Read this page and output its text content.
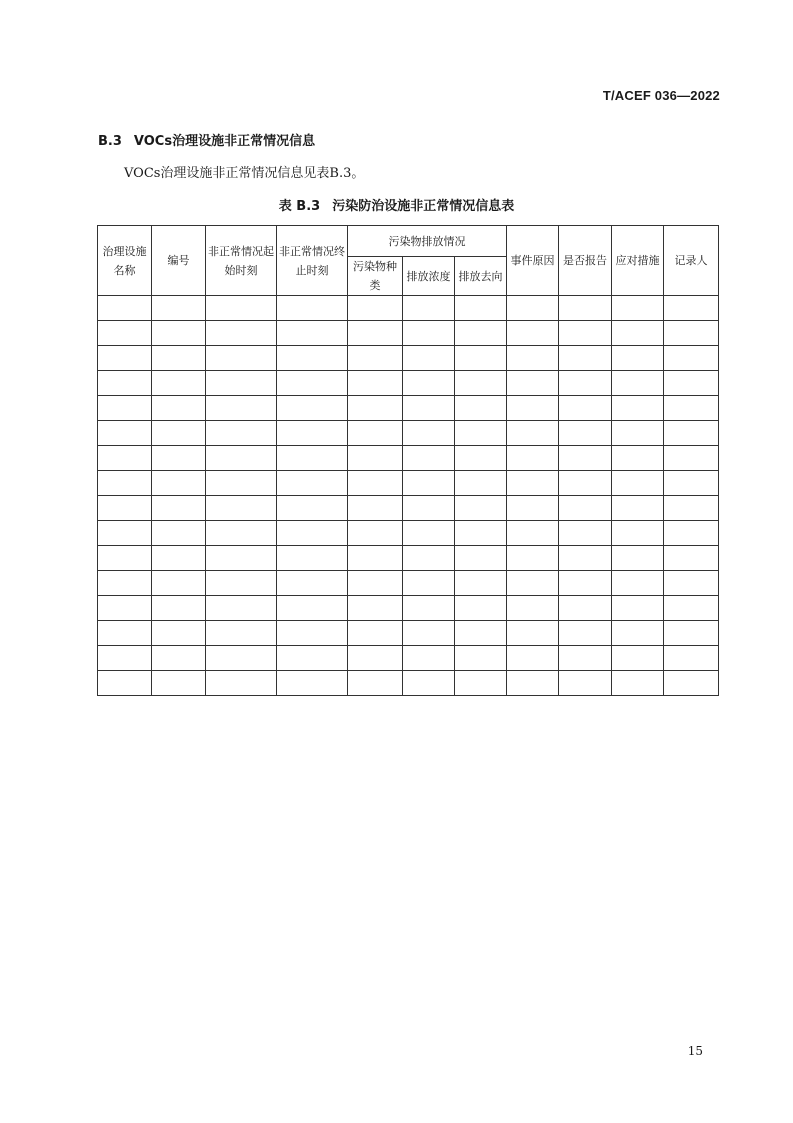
T/ACEF 036—2022
B.3 VOCs治理设施非正常情况信息
VOCs治理设施非正常情况信息见表B.3。
表 B.3 污染防治设施非正常情况信息表
治理设施名称	编号	非正常情况起始时刻	非正常情况终止时刻	污染物排放情况			事件原因	是否报告	应对措施	记录人
				污染物种类	排放浓度	排放去向				

15
